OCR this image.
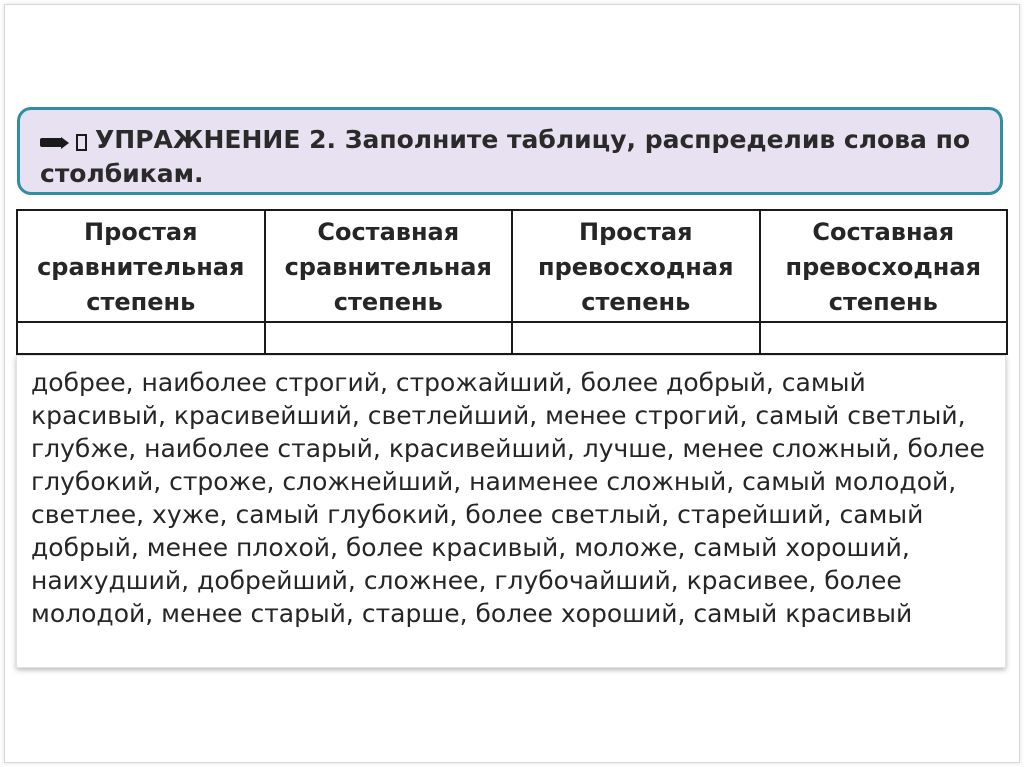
УПРАЖНЕНИЕ 2. Заполните таблицу, распределив слова по столбикам.
Простая сравнительная степень	Составная сравнительная степень	Простая превосходная степень	Составная превосходная степень

добрее, наиболее строгий, строжайший, более добрый, самый красивый, красивейший, светлейший, менее строгий, самый светлый, глубже, наиболее старый, красивейший, лучше, менее сложный, более глубокий, строже, сложнейший, наименее сложный, самый молодой, светлее, хуже, самый глубокий, более светлый, старейший, самый добрый, менее плохой, более красивый, моложе, самый хороший, наихудший, добрейший, сложнее, глубочайший, красивее, более молодой, менее старый, старше, более хороший, самый красивый
